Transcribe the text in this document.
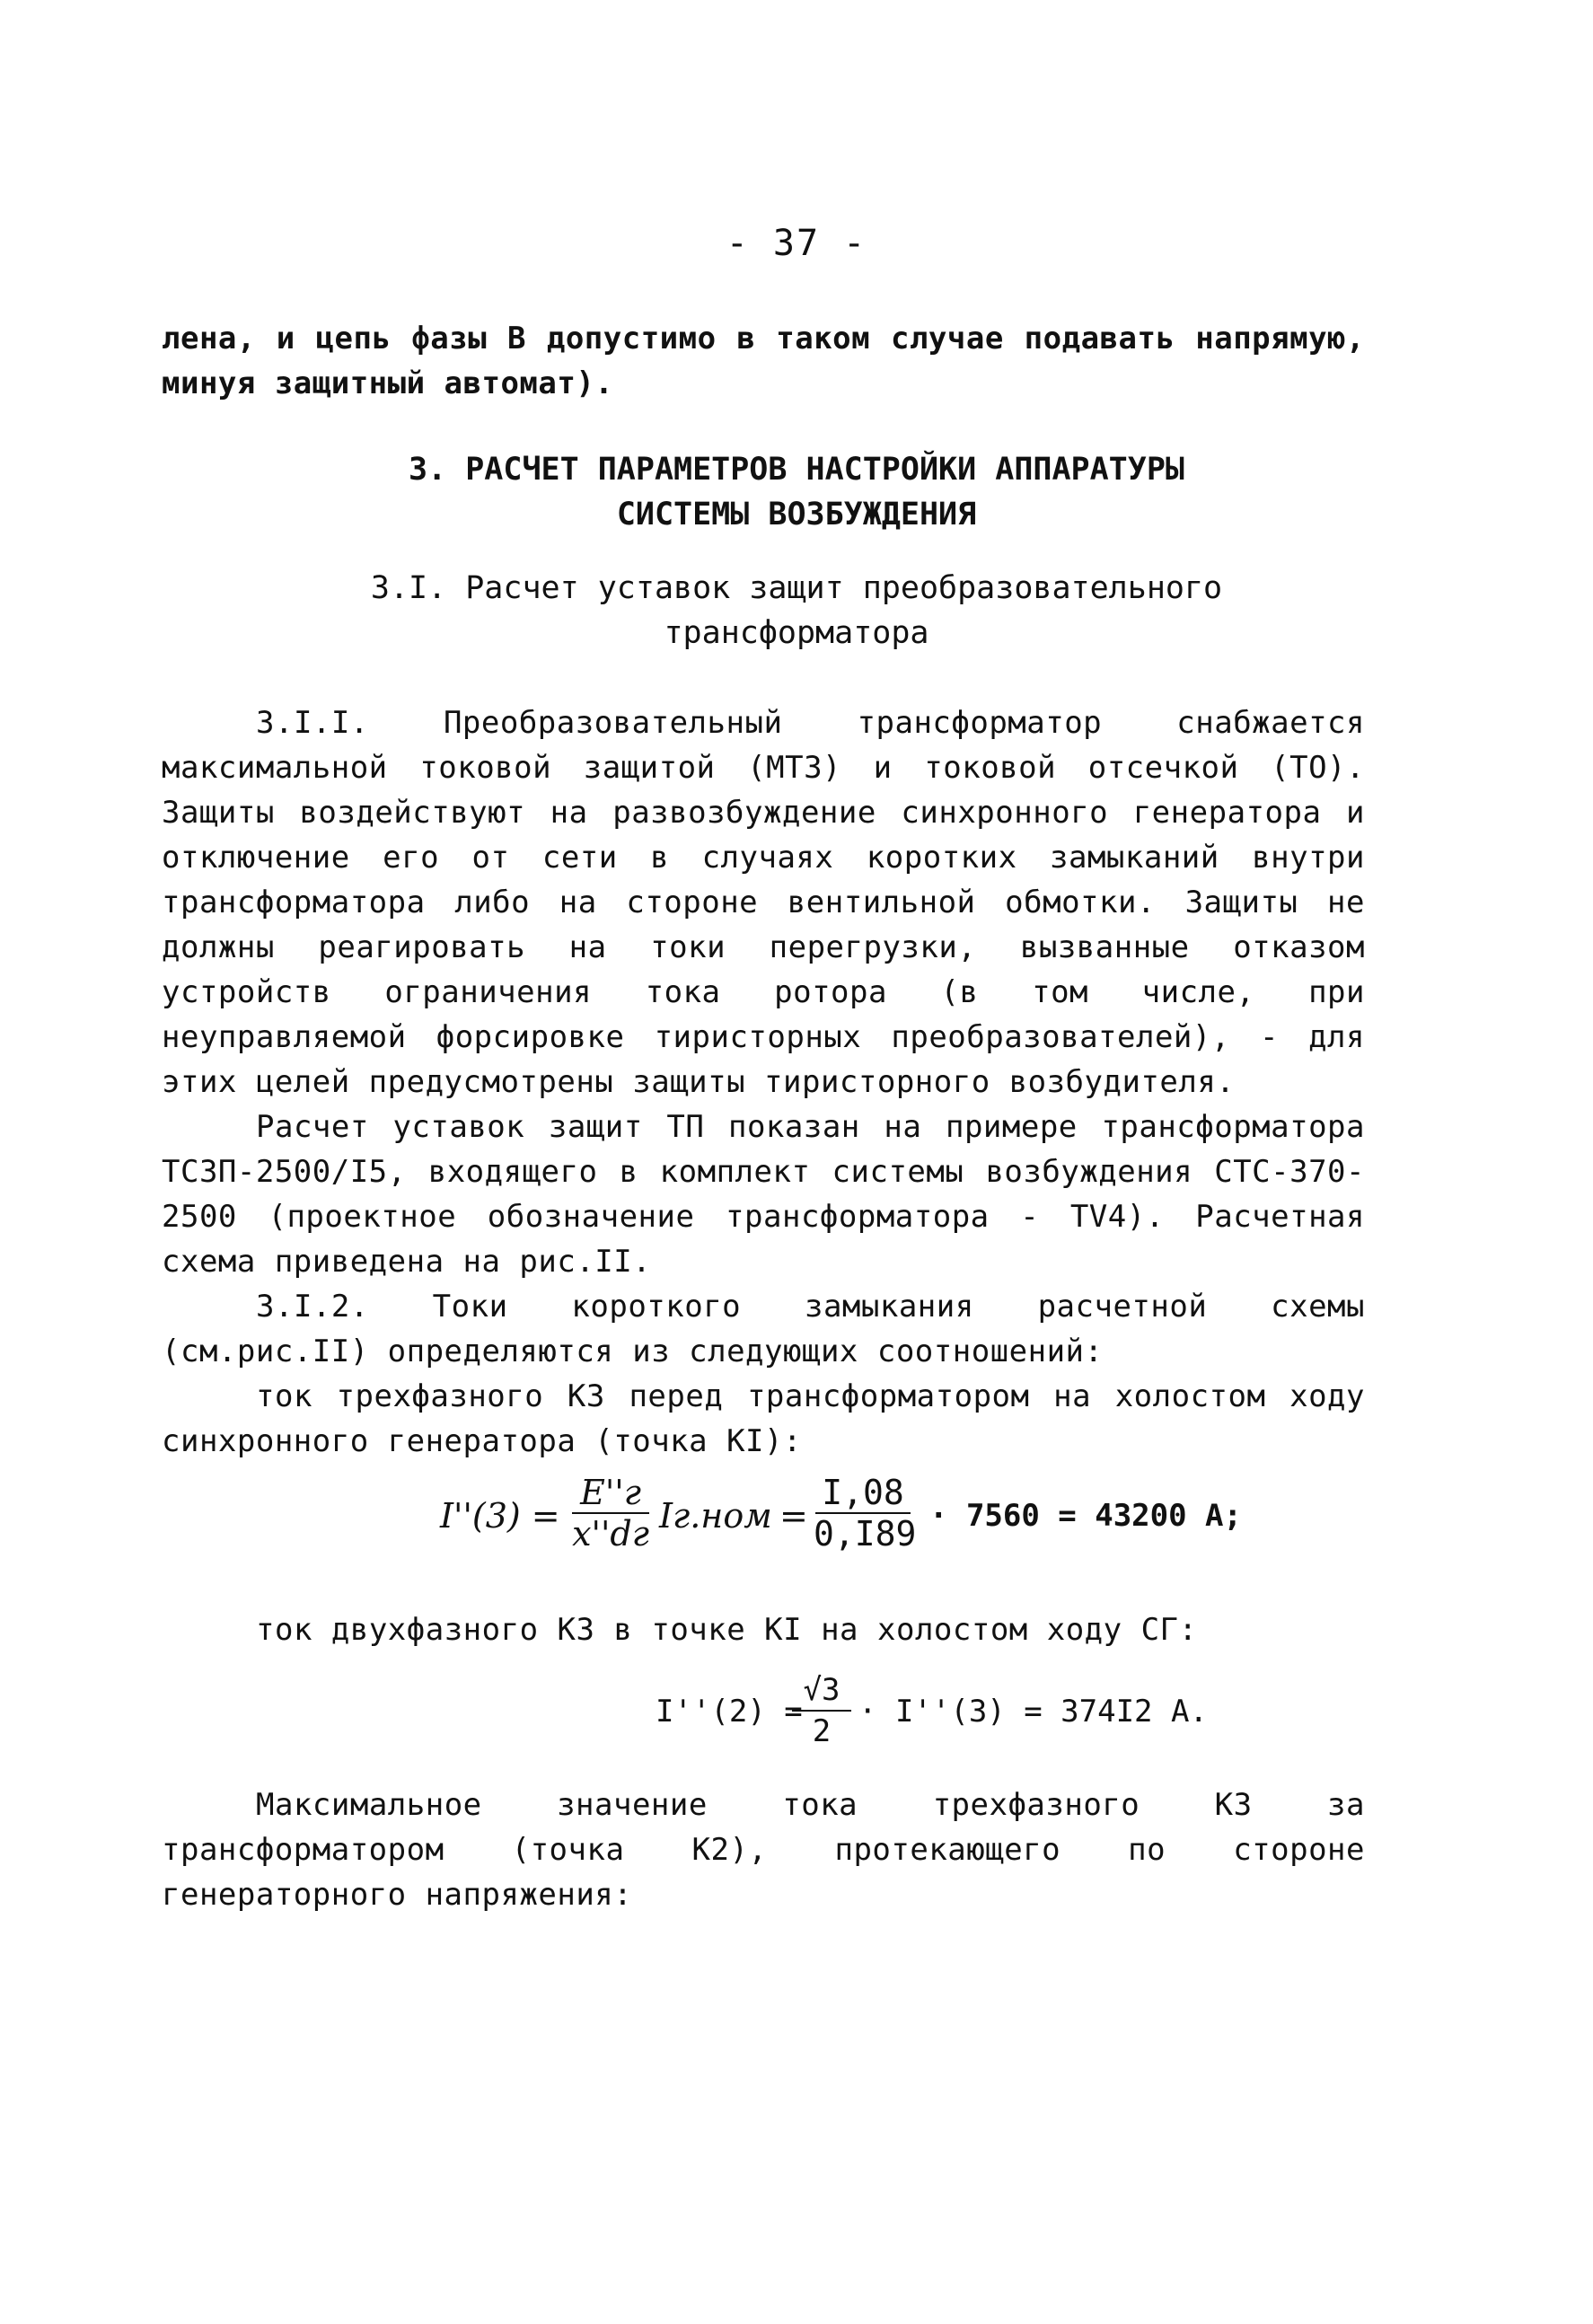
- 37 -

лена, и цепь фазы В допустимо в таком случае подавать напрямую, минуя защитный автомат).

3. РАСЧЕТ ПАРАМЕТРОВ НАСТРОЙКИ АППАРАТУРЫ
СИСТЕМЫ ВОЗБУЖДЕНИЯ
3.I. Расчет уставок защит преобразовательного
трансформатора

3.I.I. Преобразовательный трансформатор снабжается максимальной токовой защитой (МТЗ) и токовой отсечкой (ТО). Защиты воздействуют на развозбуждение синхронного генератора и отключение его от сети в случаях коротких замыканий внутри трансформатора либо на стороне вентильной обмотки. Защиты не должны реагировать на токи перегрузки, вызванные отказом устройств ограничения тока ротора (в том числе, при неуправляемой форсировке тиристорных преобразователей), - для этих целей предусмотрены защиты тиристорного возбудителя.

Расчет уставок защит ТП показан на примере трансформатора ТСЗП-2500/I5, входящего в комплект системы возбуждения СТС-370-2500 (проектное обозначение трансформатора - TV4). Расчетная схема приведена на рис.II.

3.I.2. Токи короткого замыкания расчетной схемы (см.рис.II) определяются из следующих соотношений:

ток трехфазного КЗ перед трансформатором на холостом ходу синхронного генератора (точка КI):

I''(3) =
E''г
x''dг Iг.ном =
I,08
0,I89 · 7560 = 43200 А;
ток двухфазного КЗ в точке КI на холостом ходу СГ:
I''(2) =
√3
2
· I''(3) = 374I2 А.

Максимальное значение тока трехфазного КЗ за трансформатором (точка К2), протекающего по стороне генераторного напряжения:
